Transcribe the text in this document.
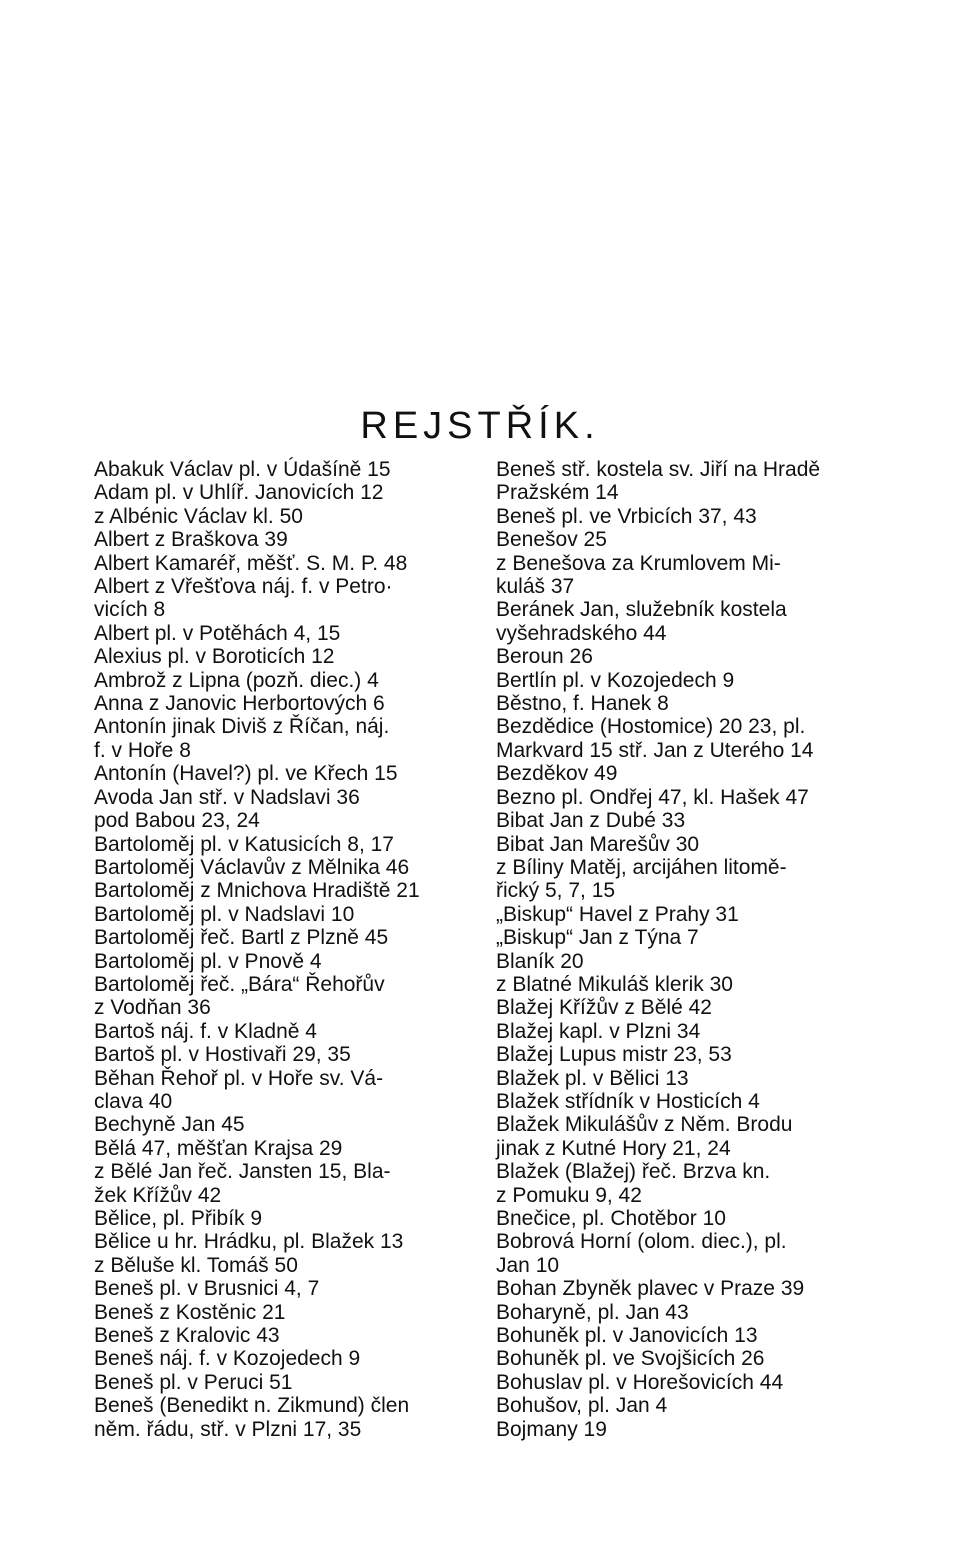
REJSTŘÍK.
Abakuk Václav pl. v Údašíně 15
Adam pl. v Uhlíř. Janovicích 12
z Albénic Václav kl. 50
Albert z Braškova 39
Albert Kamaréř, měšť. S. M. P. 48
Albert z Vřešťova náj. f. v Petro·
vicích 8
Albert pl. v Potěhách 4, 15
Alexius pl. v Boroticích 12
Ambrož z Lipna (pozň. diec.) 4
Anna z Janovic Herbortových 6
Antonín jinak Diviš z Říčan, náj.
f. v Hoře 8
Antonín (Havel?) pl. ve Křech 15
Avoda Jan stř. v Nadslavi 36
pod Babou 23, 24
Bartoloměj pl. v Katusicích 8, 17
Bartoloměj Václavův z Mělnika 46
Bartoloměj z Mnichova Hradiště 21
Bartoloměj pl. v Nadslavi 10
Bartoloměj řeč. Bartl z Plzně 45
Bartoloměj pl. v Pnově 4
Bartoloměj řeč. „Bára“ Řehořův
z Vodňan 36
Bartoš náj. f. v Kladně 4
Bartoš pl. v Hostivaři 29, 35
Běhan Řehoř pl. v Hoře sv. Vá-
clava 40
Bechyně Jan 45
Bělá 47, měšťan Krajsa 29
z Bělé Jan řeč. Jansten 15, Bla-
žek Křížův 42
Bělice, pl. Přibík 9
Bělice u hr. Hrádku, pl. Blažek 13
z Běluše kl. Tomáš 50
Beneš pl. v Brusnici 4, 7
Beneš z Kostěnic 21
Beneš z Kralovic 43
Beneš náj. f. v Kozojedech 9
Beneš pl. v Peruci 51
Beneš (Benedikt n. Zikmund) člen
něm. řádu, stř. v Plzni 17, 35
Beneš stř. kostela sv. Jiří na Hradě
Pražském 14
Beneš pl. ve Vrbicích 37, 43
Benešov 25
z Benešova za Krumlovem Mi-
kuláš 37
Beránek Jan, služebník kostela
vyšehradského 44
Beroun 26
Bertlín pl. v Kozojedech 9
Běstno, f. Hanek 8
Bezdědice (Hostomice) 20 23, pl.
Markvard 15 stř. Jan z Uterého 14
Bezděkov 49
Bezno pl. Ondřej 47, kl. Hašek 47
Bibat Jan z Dubé 33
Bibat Jan Marešův 30
z Bíliny Matěj, arcijáhen litomě-
řický 5, 7, 15
„Biskup“ Havel z Prahy 31
„Biskup“ Jan z Týna 7
Blaník 20
z Blatné Mikuláš klerik 30
Blažej Křížův z Bělé 42
Blažej kapl. v Plzni 34
Blažej Lupus mistr 23, 53
Blažek pl. v Bělici 13
Blažek střídník v Hosticích 4
Blažek Mikulášův z Něm. Brodu
jinak z Kutné Hory 21, 24
Blažek (Blažej) řeč. Brzva kn.
z Pomuku 9, 42
Bnečice, pl. Chotěbor 10
Bobrová Horní (olom. diec.), pl.
Jan 10
Bohan Zbyněk plavec v Praze 39
Boharyně, pl. Jan 43
Bohuněk pl. v Janovicích 13
Bohuněk pl. ve Svojšicích 26
Bohuslav pl. v Horešovicích 44
Bohušov, pl. Jan 4
Bojmany 19
